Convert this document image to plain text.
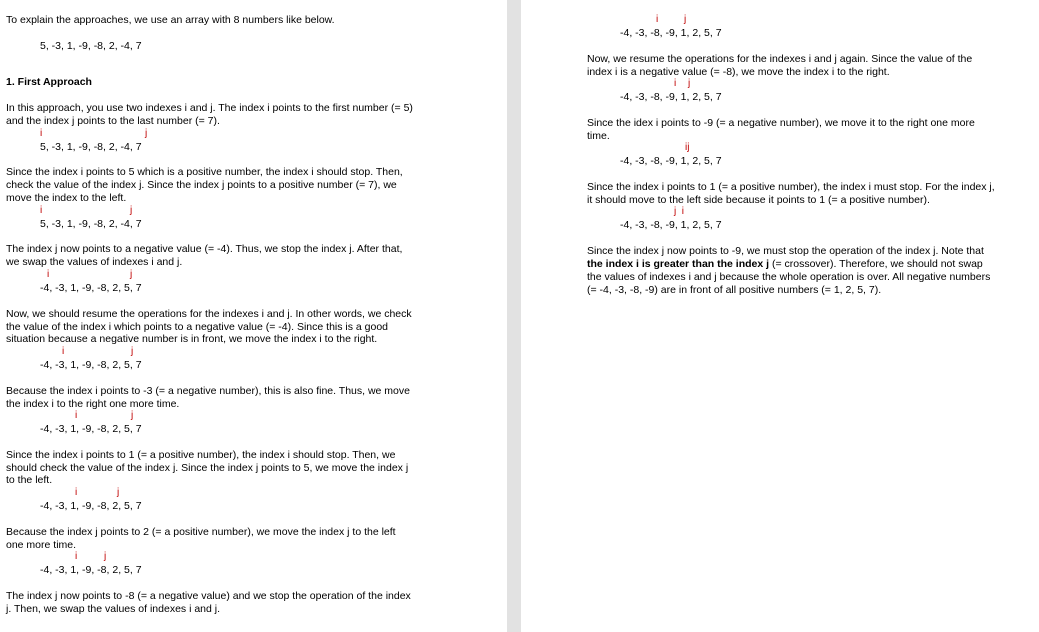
To explain the approaches, we use an array with 8 numbers like below.
5, -3, 1, -9, -8, 2, -4, 7
1. First Approach
In this approach, you use two indexes i and j. The index i points to the first number (= 5)
and the index j points to the last number (= 7).
5, -3, 1, -9, -8, 2, -4, 7
Since the index i points to 5 which is a positive number, the index i should stop. Then,
check the value of the index j. Since the index j points to a positive number (= 7), we
move the index to the left.
5, -3, 1, -9, -8, 2, -4, 7
The index j now points to a negative value (= -4). Thus, we stop the index j. After that,
we swap the values of indexes i and j.
-4, -3, 1, -9, -8, 2, 5, 7
Now, we should resume the operations for the indexes i and j. In other words, we check
the value of the index i which points to a negative value (= -4). Since this is a good
situation because a negative number is in front, we move the index i to the right.
-4, -3, 1, -9, -8, 2, 5, 7
Because the index i points to -3 (= a negative number), this is also fine. Thus, we move
the index i to the right one more time.
-4, -3, 1, -9, -8, 2, 5, 7
Since the index i points to 1 (= a positive number), the index i should stop. Then, we
should check the value of the index j. Since the index j points to 5, we move the index j
to the left.
-4, -3, 1, -9, -8, 2, 5, 7
Because the index j points to 2 (= a positive number), we move the index j to the left
one more time.
-4, -3, 1, -9, -8, 2, 5, 7
The index j now points to -8 (= a negative value) and we stop the operation of the index
j. Then, we swap the values of indexes i and j.
i	j
i	j
i	j
i	j
i	j
i	j
i	j
-4, -3, -8, -9, 1, 2, 5, 7
Now, we resume the operations for the indexes i and j again. Since the value of the
index i is a negative value (= -8), we move the index i to the right.
-4, -3, -8, -9, 1, 2, 5, 7
Since the idex i points to -9 (= a negative number), we move it to the right one more
time.
-4, -3, -8, -9, 1, 2, 5, 7
Since the index i points to 1 (= a positive number), the index i must stop. For the index j,
it should move to the left side because it points to 1 (= a positive number).
-4, -3, -8, -9, 1, 2, 5, 7
Since the index j now points to -9, we must stop the operation of the index j. Note that
the values of indexes i and j because the whole operation is over. All negative numbers
(= -4, -3, -8, -9) are in front of all positive numbers (= 1, 2, 5, 7).
the index i is greater than the index j (= crossover). Therefore, we should not swap
i	j
i j
ij
j  i
